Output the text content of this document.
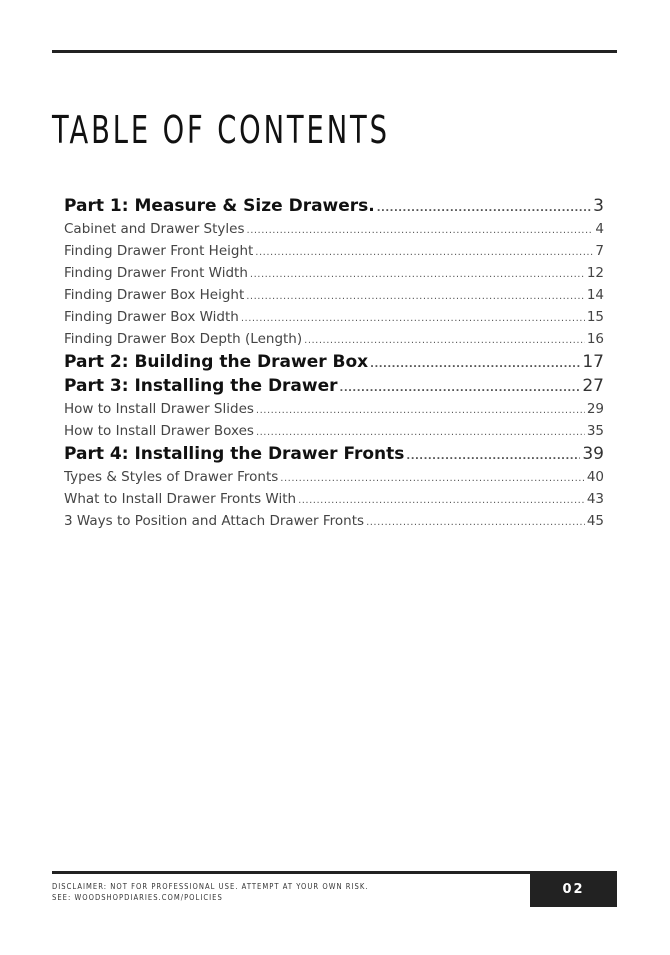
TABLE OF CONTENTS
Part 1: Measure & Size Drawers. .....	3
Cabinet and Drawer Styles .....	4
Finding Drawer Front Height .....	7
Finding Drawer Front Width .....	12
Finding Drawer Box Height .....	14
Finding Drawer Box Width .....	15
Finding Drawer Box Depth (Length) .....	16
Part 2: Building the Drawer Box .....	17
Part 3: Installing the Drawer .....	27
How to Install Drawer Slides .....	29
How to Install Drawer Boxes .....	35
Part 4: Installing the Drawer Fronts .....	39
Types & Styles of Drawer Fronts .....	40
What to Install Drawer Fronts With .....	43
3 Ways to Position and Attach Drawer Fronts .....	45
DISCLAIMER: NOT FOR PROFESSIONAL USE. ATTEMPT AT YOUR OWN RISK.
SEE: WOODSHOPDIARIES.COM/POLICIES
02
